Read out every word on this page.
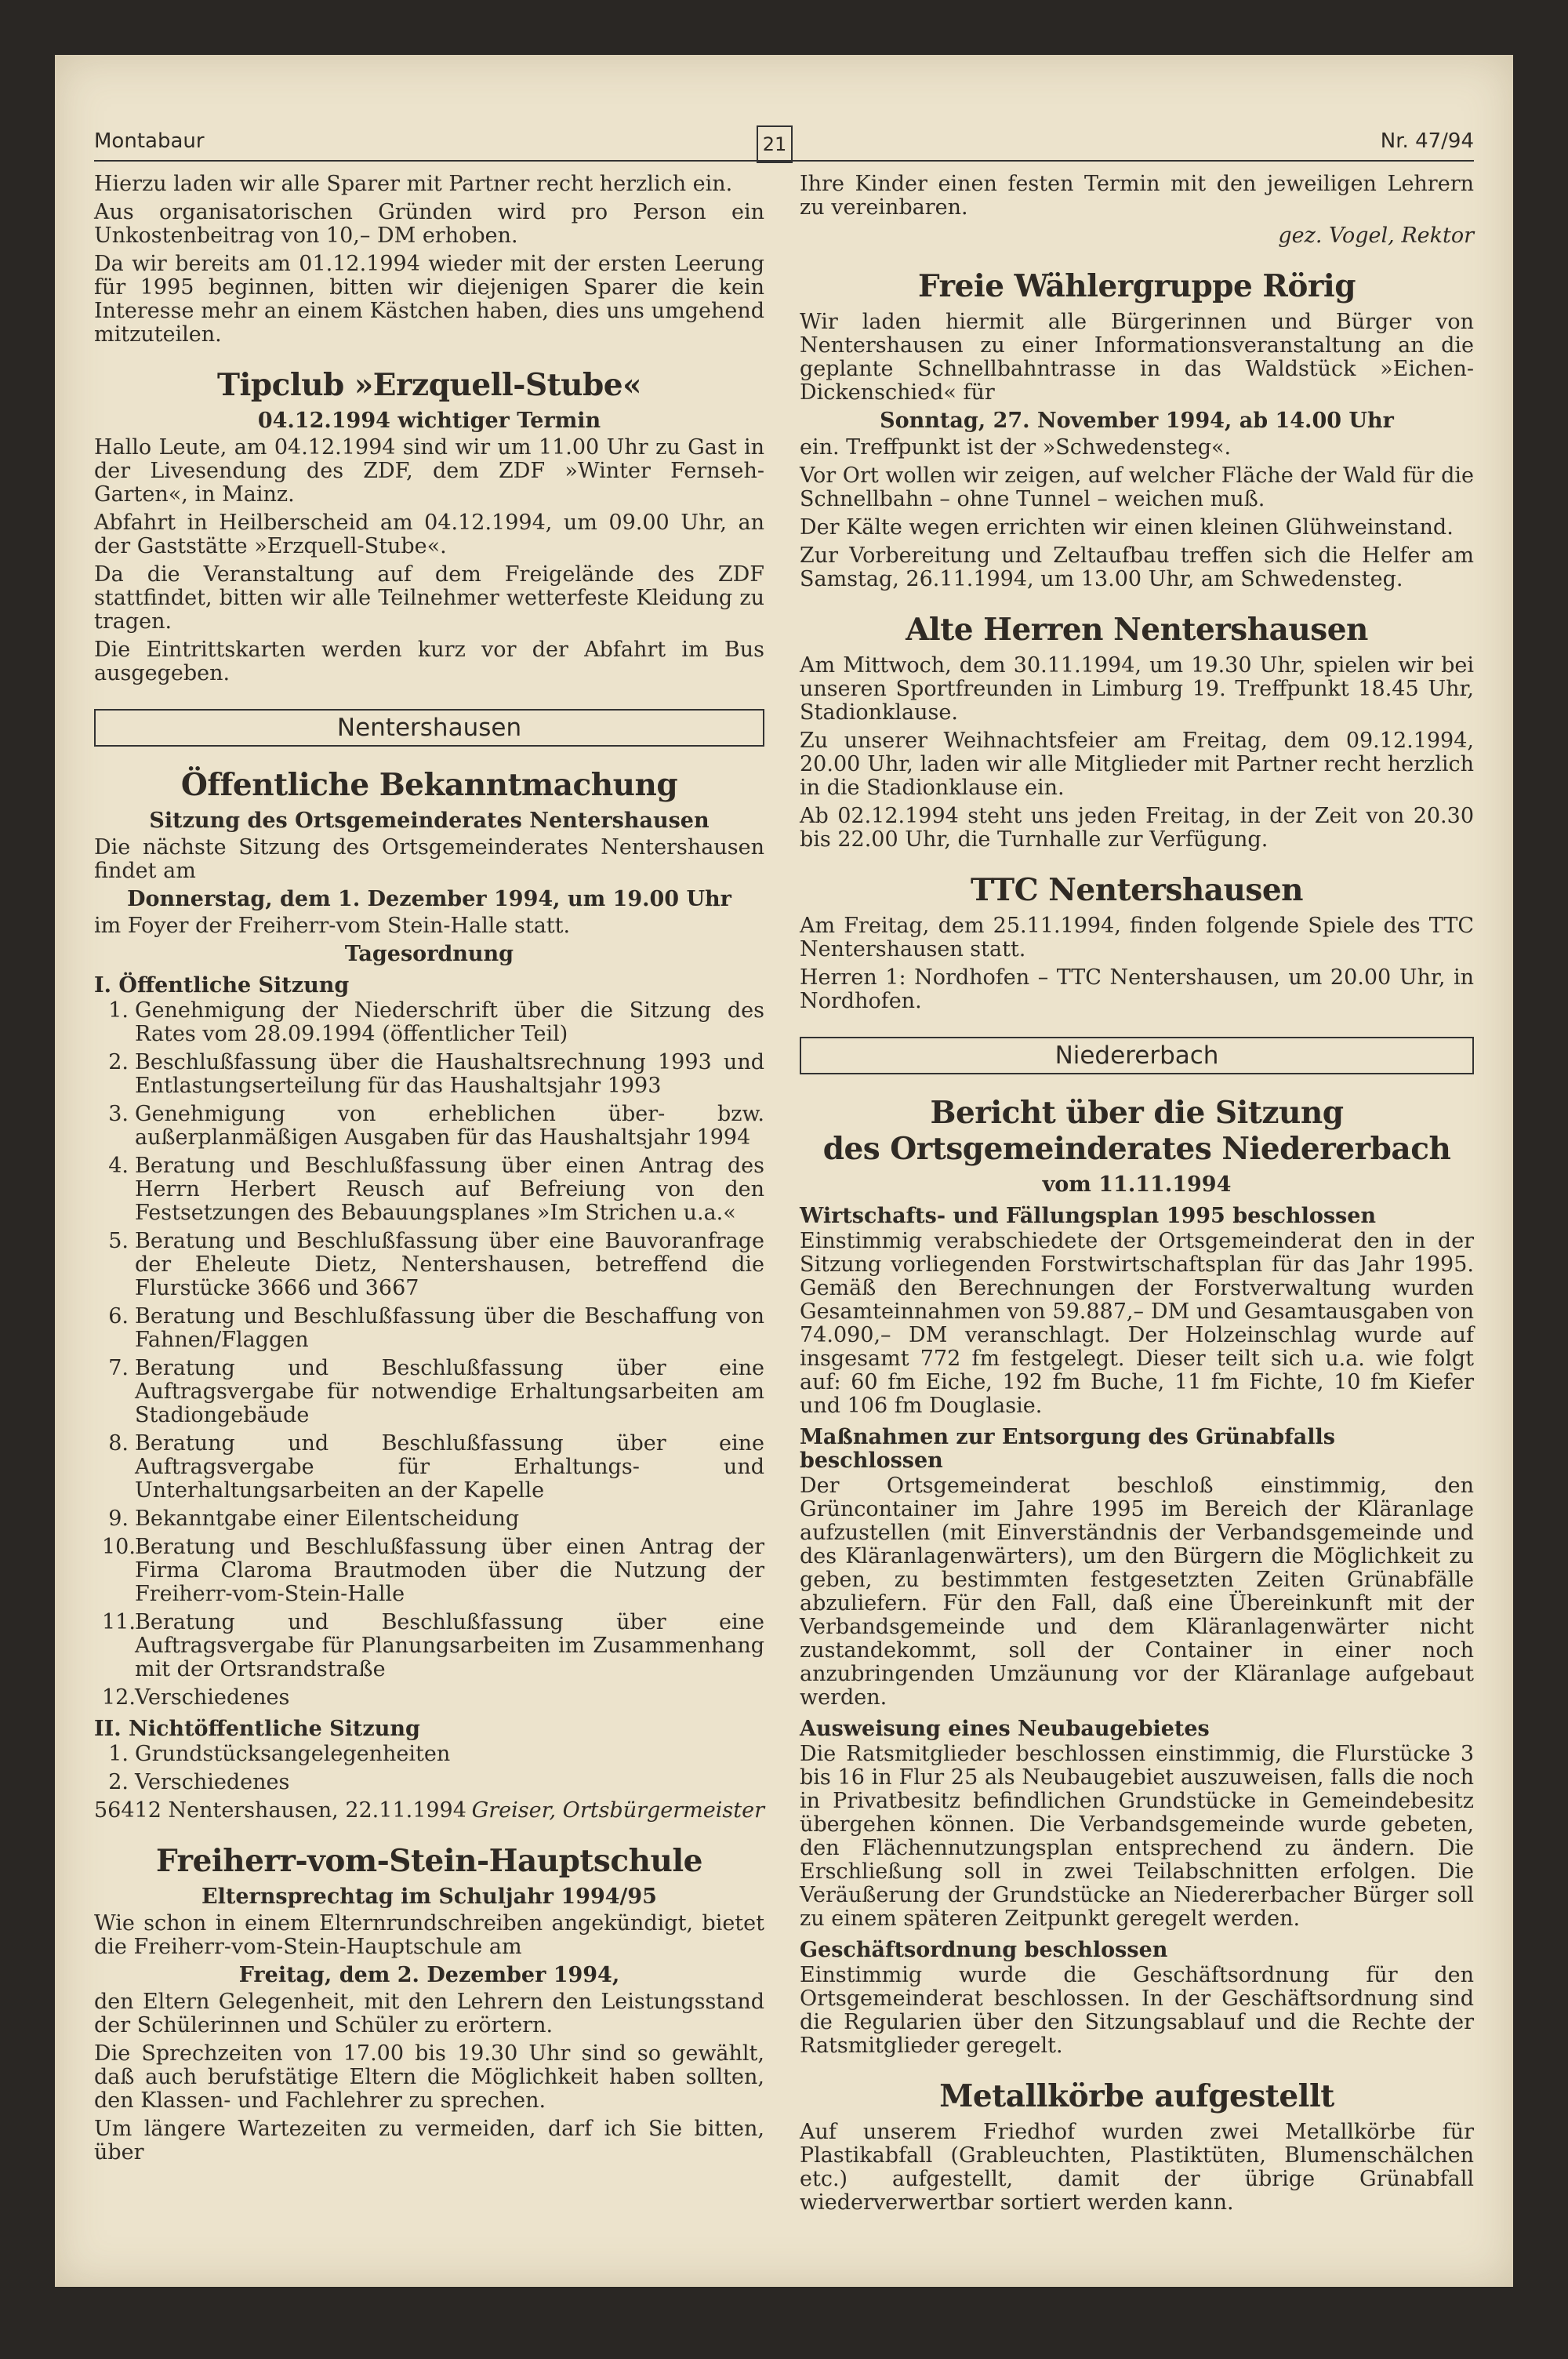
Montabaur	21	Nr. 47/94

Hierzu laden wir alle Sparer mit Partner recht herzlich ein.

Aus organisatorischen Gründen wird pro Person ein Unkostenbeitrag von 10,– DM erhoben.

Da wir bereits am 01.12.1994 wieder mit der ersten Leerung für 1995 beginnen, bitten wir diejenigen Sparer die kein Interesse mehr an einem Kästchen haben, dies uns umgehend mitzuteilen.

Tipclub »Erzquell-Stube«
04.12.1994 wichtiger Termin

Hallo Leute, am 04.12.1994 sind wir um 11.00 Uhr zu Gast in der Livesendung des ZDF, dem ZDF »Winter Fernseh-Garten«, in Mainz.

Abfahrt in Heilberscheid am 04.12.1994, um 09.00 Uhr, an der Gaststätte »Erzquell-Stube«.

Da die Veranstaltung auf dem Freigelände des ZDF stattfindet, bitten wir alle Teilnehmer wetterfeste Kleidung zu tragen.

Die Eintrittskarten werden kurz vor der Abfahrt im Bus ausgegeben.

Nentershausen
Öffentliche Bekanntmachung
Sitzung des Ortsgemeinderates Nentershausen

Die nächste Sitzung des Ortsgemeinderates Nentershausen findet am

Donnerstag, dem 1. Dezember 1994, um 19.00 Uhr

im Foyer der Freiherr-vom Stein-Halle statt.

Tagesordnung
I. Öffentliche Sitzung
1. Genehmigung der Niederschrift über die Sitzung des Rates vom 28.09.1994 (öffentlicher Teil)
2. Beschlußfassung über die Haushaltsrechnung 1993 und Entlastungserteilung für das Haushaltsjahr 1993
3. Genehmigung von erheblichen über- bzw. außerplanmäßigen Ausgaben für das Haushaltsjahr 1994
4. Beratung und Beschlußfassung über einen Antrag des Herrn Herbert Reusch auf Befreiung von den Festsetzungen des Bebauungsplanes »Im Strichen u.a.«
5. Beratung und Beschlußfassung über eine Bauvoranfrage der Eheleute Dietz, Nentershausen, betreffend die Flurstücke 3666 und 3667
6. Beratung und Beschlußfassung über die Beschaffung von Fahnen/Flaggen
7. Beratung und Beschlußfassung über eine Auftragsvergabe für notwendige Erhaltungsarbeiten am Stadiongebäude
8. Beratung und Beschlußfassung über eine Auftragsvergabe für Erhaltungs- und Unterhaltungsarbeiten an der Kapelle
9. Bekanntgabe einer Eilentscheidung
10. Beratung und Beschlußfassung über einen Antrag der Firma Claroma Brautmoden über die Nutzung der Freiherr-vom-Stein-Halle
11. Beratung und Beschlußfassung über eine Auftragsvergabe für Planungsarbeiten im Zusammenhang mit der Ortsrandstraße
12. Verschiedenes
II. Nichtöffentliche Sitzung
1. Grundstücksangelegenheiten
2. Verschiedenes
56412 Nentershausen, 22.11.1994 Greiser, Ortsbürgermeister
Freiherr-vom-Stein-Hauptschule
Elternsprechtag im Schuljahr 1994/95

Wie schon in einem Elternrundschreiben angekündigt, bietet die Freiherr-vom-Stein-Hauptschule am

Freitag, dem 2. Dezember 1994,

den Eltern Gelegenheit, mit den Lehrern den Leistungsstand der Schülerinnen und Schüler zu erörtern.

Die Sprechzeiten von 17.00 bis 19.30 Uhr sind so gewählt, daß auch berufstätige Eltern die Möglichkeit haben sollten, den Klassen- und Fachlehrer zu sprechen.

Um längere Wartezeiten zu vermeiden, darf ich Sie bitten, über

Ihre Kinder einen festen Termin mit den jeweiligen Lehrern zu vereinbaren.

gez. Vogel, Rektor
Freie Wählergruppe Rörig

Wir laden hiermit alle Bürgerinnen und Bürger von Nentershausen zu einer Informationsveranstaltung an die geplante Schnellbahntrasse in das Waldstück »Eichen-Dickenschied« für

Sonntag, 27. November 1994, ab 14.00 Uhr

ein. Treffpunkt ist der »Schwedensteg«.

Vor Ort wollen wir zeigen, auf welcher Fläche der Wald für die Schnellbahn – ohne Tunnel – weichen muß.

Der Kälte wegen errichten wir einen kleinen Glühweinstand.

Zur Vorbereitung und Zeltaufbau treffen sich die Helfer am Samstag, 26.11.1994, um 13.00 Uhr, am Schwedensteg.

Alte Herren Nentershausen

Am Mittwoch, dem 30.11.1994, um 19.30 Uhr, spielen wir bei unseren Sportfreunden in Limburg 19. Treffpunkt 18.45 Uhr, Stadionklause.

Zu unserer Weihnachtsfeier am Freitag, dem 09.12.1994, 20.00 Uhr, laden wir alle Mitglieder mit Partner recht herzlich in die Stadionklause ein.

Ab 02.12.1994 steht uns jeden Freitag, in der Zeit von 20.30 bis 22.00 Uhr, die Turnhalle zur Verfügung.

TTC Nentershausen

Am Freitag, dem 25.11.1994, finden folgende Spiele des TTC Nentershausen statt.

Herren 1: Nordhofen – TTC Nentershausen, um 20.00 Uhr, in Nordhofen.

Niedererbach
Bericht über die Sitzung
des Ortsgemeinderates Niedererbach
vom 11.11.1994
Wirtschafts- und Fällungsplan 1995 beschlossen

Einstimmig verabschiedete der Ortsgemeinderat den in der Sitzung vorliegenden Forstwirtschaftsplan für das Jahr 1995. Gemäß den Berechnungen der Forstverwaltung wurden Gesamteinnahmen von 59.887,– DM und Gesamtausgaben von 74.090,– DM veranschlagt. Der Holzeinschlag wurde auf insgesamt 772 fm festgelegt. Dieser teilt sich u.a. wie folgt auf: 60 fm Eiche, 192 fm Buche, 11 fm Fichte, 10 fm Kiefer und 106 fm Douglasie.

Maßnahmen zur Entsorgung des Grünabfalls beschlossen

Der Ortsgemeinderat beschloß einstimmig, den Grüncontainer im Jahre 1995 im Bereich der Kläranlage aufzustellen (mit Einverständnis der Verbandsgemeinde und des Kläranlagenwärters), um den Bürgern die Möglichkeit zu geben, zu bestimmten festgesetzten Zeiten Grünabfälle abzuliefern. Für den Fall, daß eine Übereinkunft mit der Verbandsgemeinde und dem Kläranlagenwärter nicht zustandekommt, soll der Container in einer noch anzubringenden Umzäunung vor der Kläranlage aufgebaut werden.

Ausweisung eines Neubaugebietes

Die Ratsmitglieder beschlossen einstimmig, die Flurstücke 3 bis 16 in Flur 25 als Neubaugebiet auszuweisen, falls die noch in Privatbesitz befindlichen Grundstücke in Gemeindebesitz übergehen können. Die Verbandsgemeinde wurde gebeten, den Flächennutzungsplan entsprechend zu ändern. Die Erschließung soll in zwei Teilabschnitten erfolgen. Die Veräußerung der Grundstücke an Niedererbacher Bürger soll zu einem späteren Zeitpunkt geregelt werden.

Geschäftsordnung beschlossen

Einstimmig wurde die Geschäftsordnung für den Ortsgemeinderat beschlossen. In der Geschäftsordnung sind die Regularien über den Sitzungsablauf und die Rechte der Ratsmitglieder geregelt.

Metallkörbe aufgestellt

Auf unserem Friedhof wurden zwei Metallkörbe für Plastikabfall (Grableuchten, Plastiktüten, Blumenschälchen etc.) aufgestellt, damit der übrige Grünabfall wiederverwertbar sortiert werden kann.
